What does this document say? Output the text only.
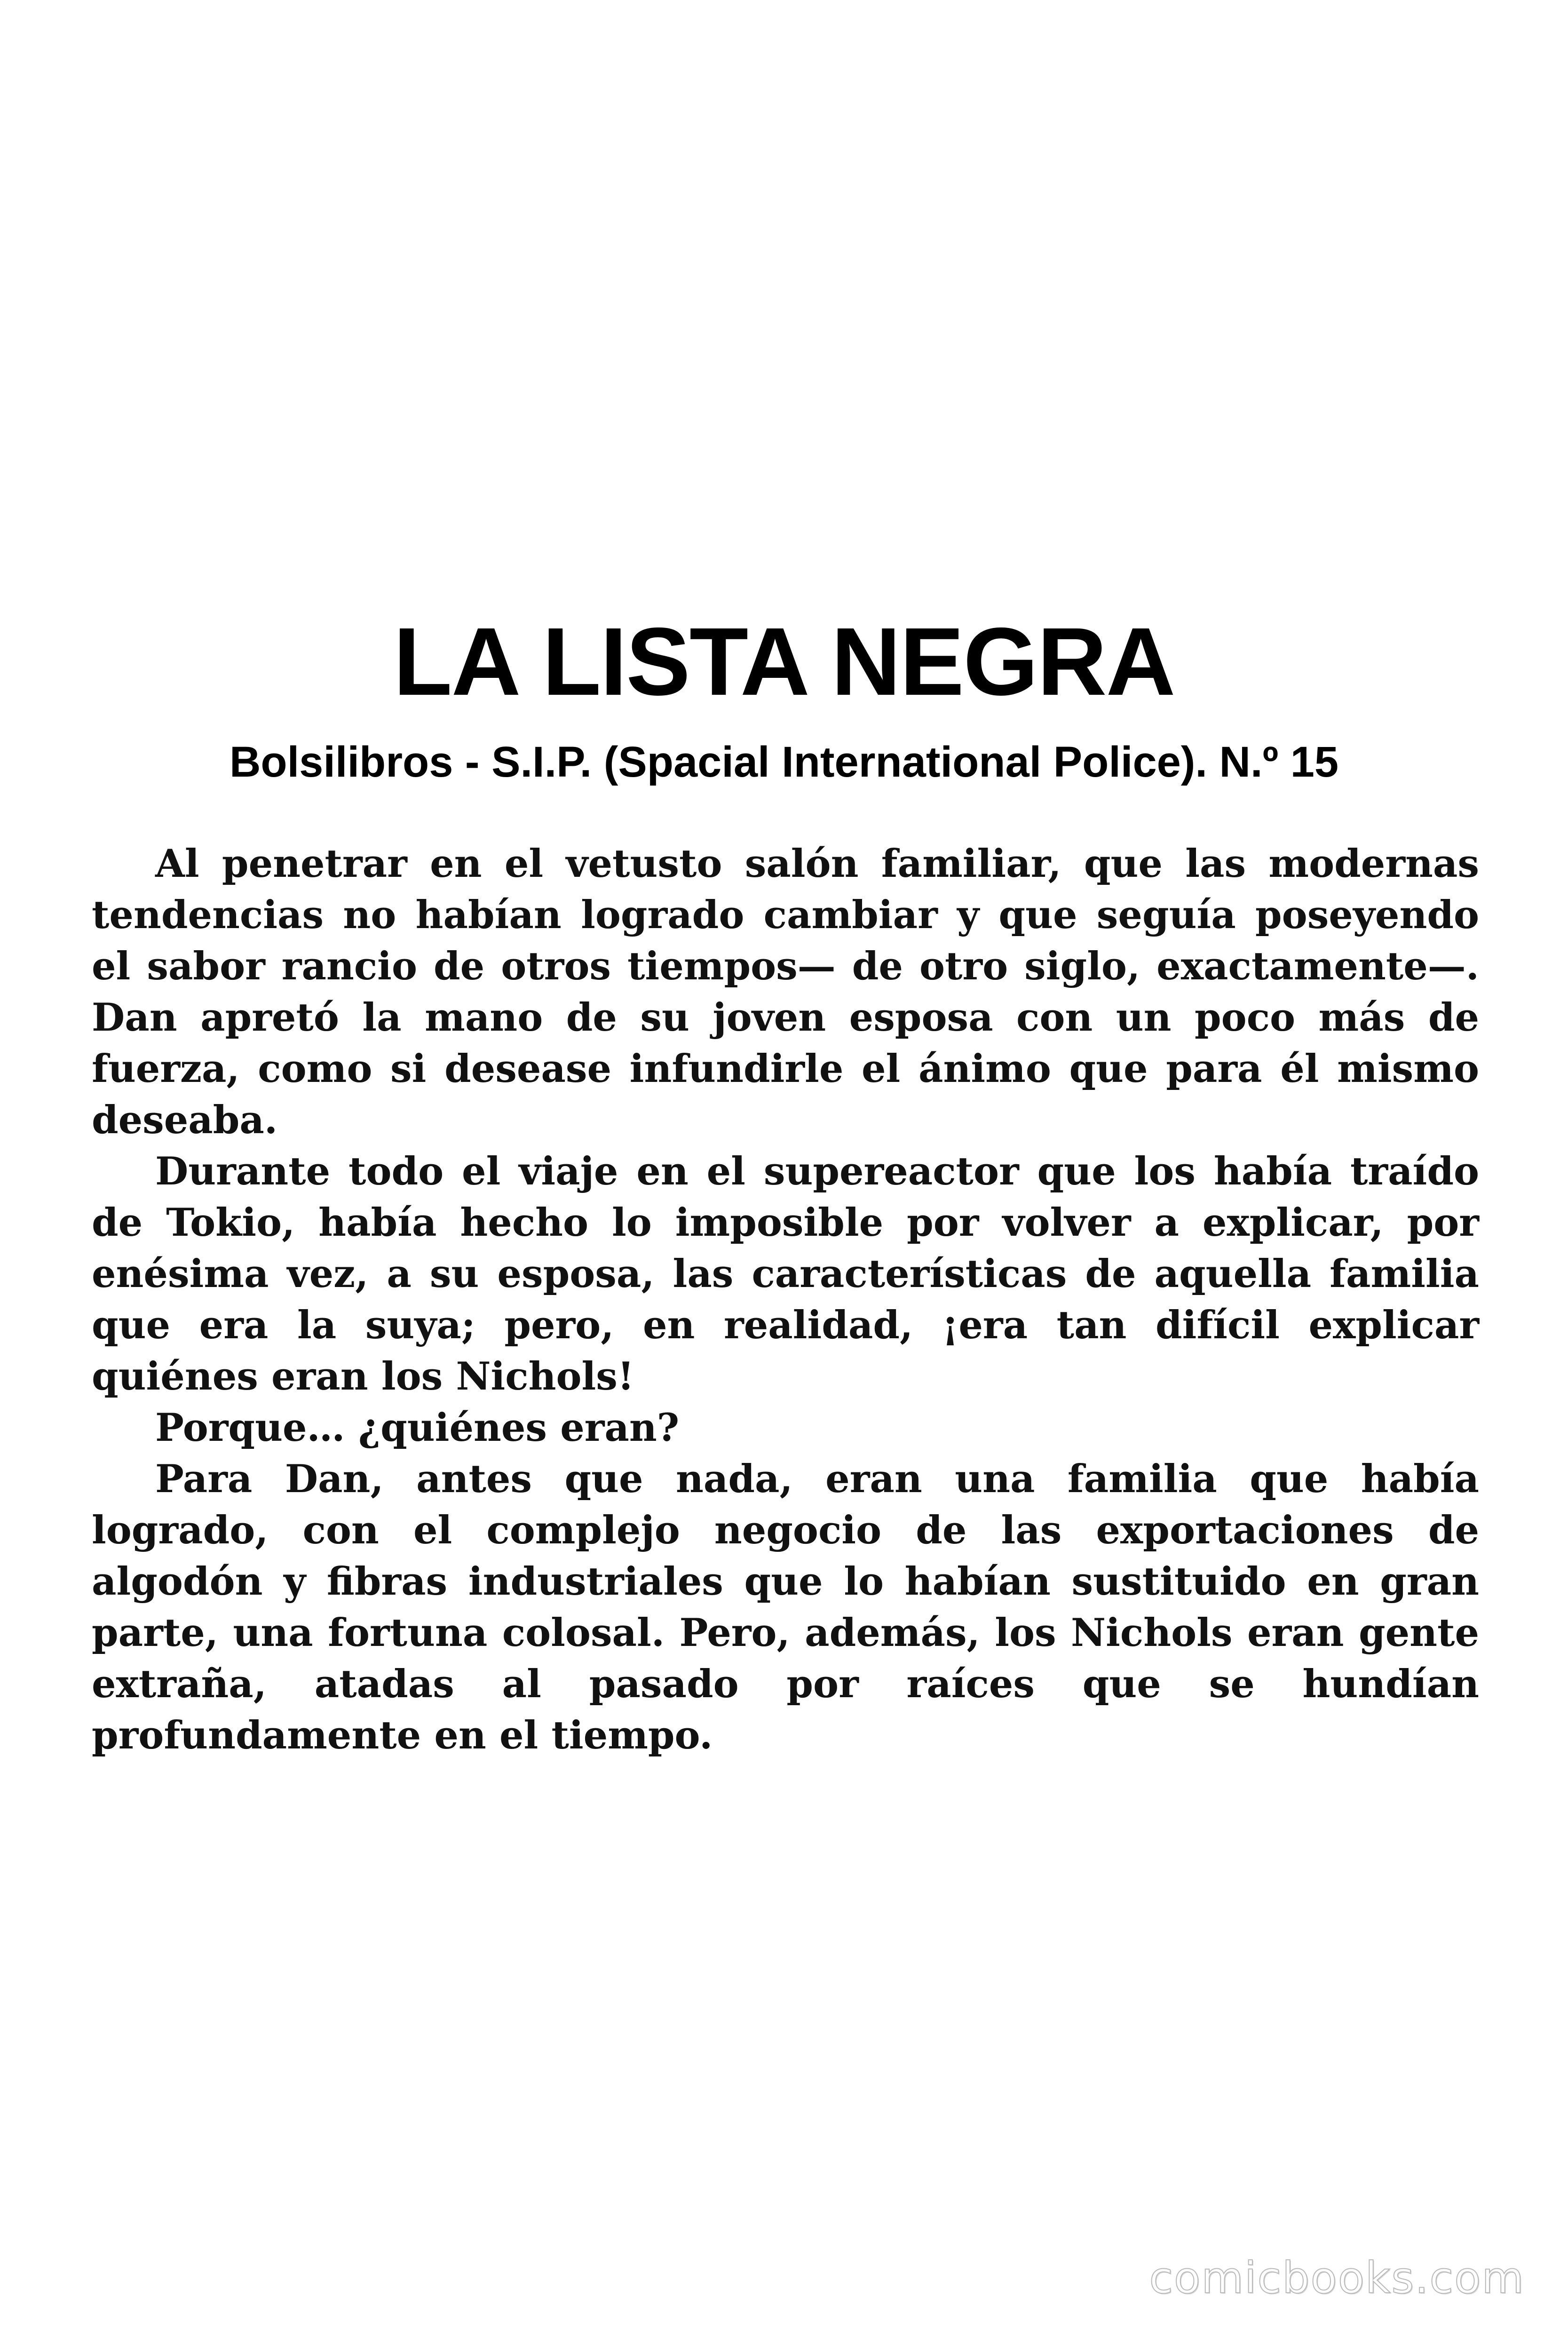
LA LISTA NEGRA
Bolsilibros - S.I.P. (Spacial International Police). N.º 15

Al penetrar en el vetusto salón familiar, que las modernas tendencias no habían logrado cambiar y que seguía poseyendo el sabor rancio de otros tiempos— de otro siglo, exactamente—. Dan apretó la mano de su joven esposa con un poco más de fuerza, como si desease infundirle el ánimo que para él mismo deseaba.

Durante todo el viaje en el supereactor que los había traído de Tokio, había hecho lo imposible por volver a explicar, por enésima vez, a su esposa, las características de aquella familia que era la suya; pero, en realidad, ¡era tan difícil explicar quiénes eran los Nichols!

Porque… ¿quiénes eran?

Para Dan, antes que nada, eran una familia que había logrado, con el complejo negocio de las exportaciones de algodón y fibras industriales que lo habían sustituido en gran parte, una fortuna colosal. Pero, además, los Nichols eran gente extraña, atadas al pasado por raíces que se hundían profundamente en el tiempo.

comicbooks.com
